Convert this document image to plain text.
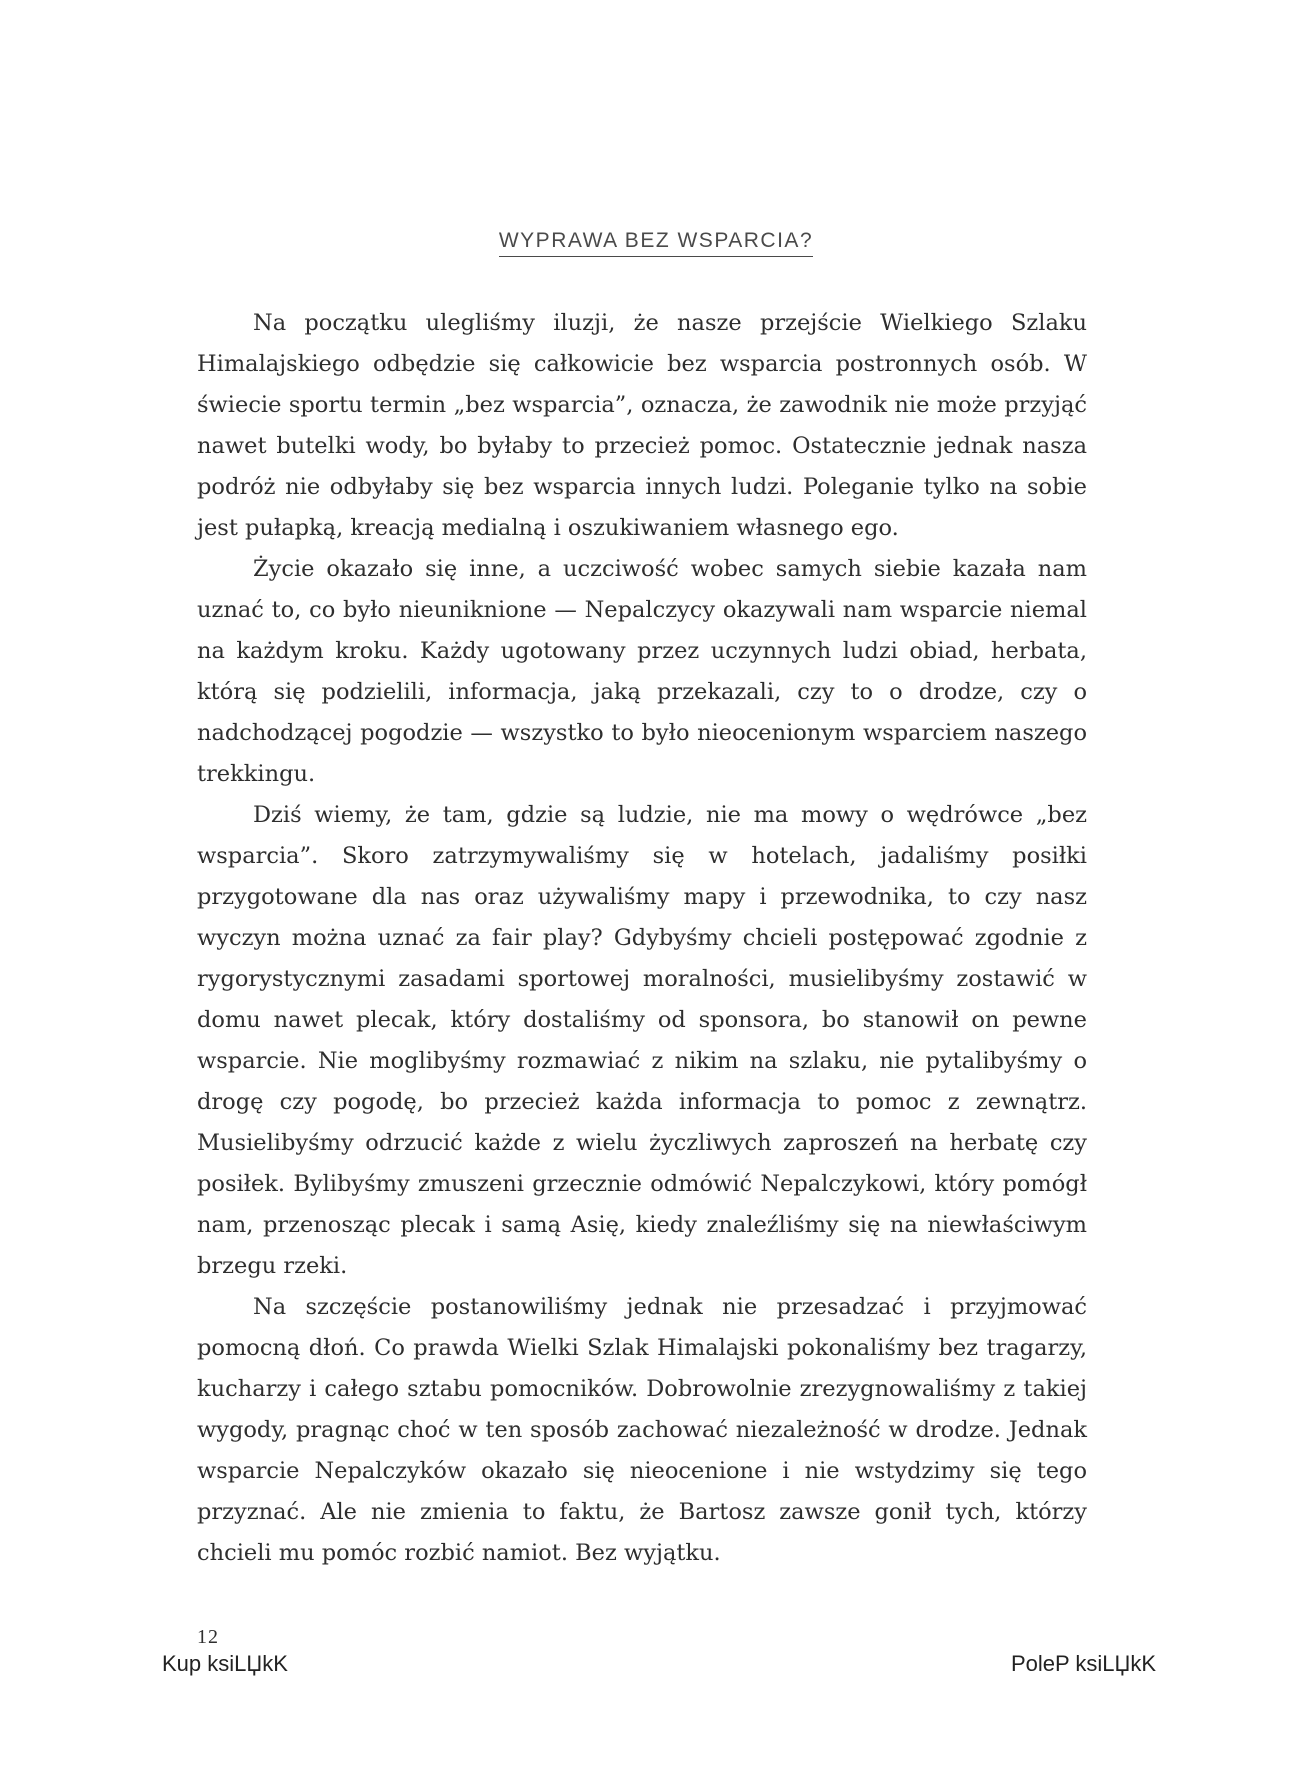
WYPRAWA BEZ WSPARCIA?

Na początku ulegliśmy iluzji, że nasze przejście Wielkiego Szlaku Himalajskiego odbędzie się całkowicie bez wsparcia postronnych osób. W świecie sportu termin „bez wsparcia”, oznacza, że zawodnik nie może przyjąć nawet butelki wody, bo byłaby to przecież pomoc. Ostatecznie jednak nasza podróż nie odbyłaby się bez wsparcia innych ludzi. Poleganie tylko na sobie jest pułapką, kreacją medialną i oszukiwaniem własnego ego.

Życie okazało się inne, a uczciwość wobec samych siebie kazała nam uznać to, co było nieuniknione — Nepalczycy okazywali nam wsparcie niemal na każdym kroku. Każdy ugotowany przez uczynnych ludzi obiad, herbata, którą się podzielili, informacja, jaką przekazali, czy to o drodze, czy o nadchodzącej pogodzie — wszystko to było nieocenionym wsparciem naszego trekkingu.

Dziś wiemy, że tam, gdzie są ludzie, nie ma mowy o wędrówce „bez wsparcia”. Skoro zatrzymywaliśmy się w hotelach, jadaliśmy posiłki przygotowane dla nas oraz używaliśmy mapy i przewodnika, to czy nasz wyczyn można uznać za fair play? Gdybyśmy chcieli postępować zgodnie z rygorystycznymi zasadami sportowej moralności, musielibyśmy zostawić w domu nawet plecak, który dostaliśmy od sponsora, bo stanowił on pewne wsparcie. Nie moglibyśmy rozmawiać z nikim na szlaku, nie pytalibyśmy o drogę czy pogodę, bo przecież każda informacja to pomoc z zewnątrz. Musielibyśmy odrzucić każde z wielu życzliwych zaproszeń na herbatę czy posiłek. Bylibyśmy zmuszeni grzecznie odmówić Nepalczykowi, który pomógł nam, przenosząc plecak i samą Asię, kiedy znaleźliśmy się na niewłaściwym brzegu rzeki.

Na szczęście postanowiliśmy jednak nie przesadzać i przyjmować pomocną dłoń. Co prawda Wielki Szlak Himalajski pokonaliśmy bez tragarzy, kucharzy i całego sztabu pomocników. Dobrowolnie zrezygnowaliśmy z takiej wygody, pragnąc choć w ten sposób zachować niezależność w drodze. Jednak wsparcie Nepalczyków okazało się nieocenione i nie wstydzimy się tego przyznać. Ale nie zmienia to faktu, że Bartosz zawsze gonił tych, którzy chcieli mu pomóc rozbić namiot. Bez wyjątku.

12
Kup ksiLЏkK	PoleP ksiLЏkK
